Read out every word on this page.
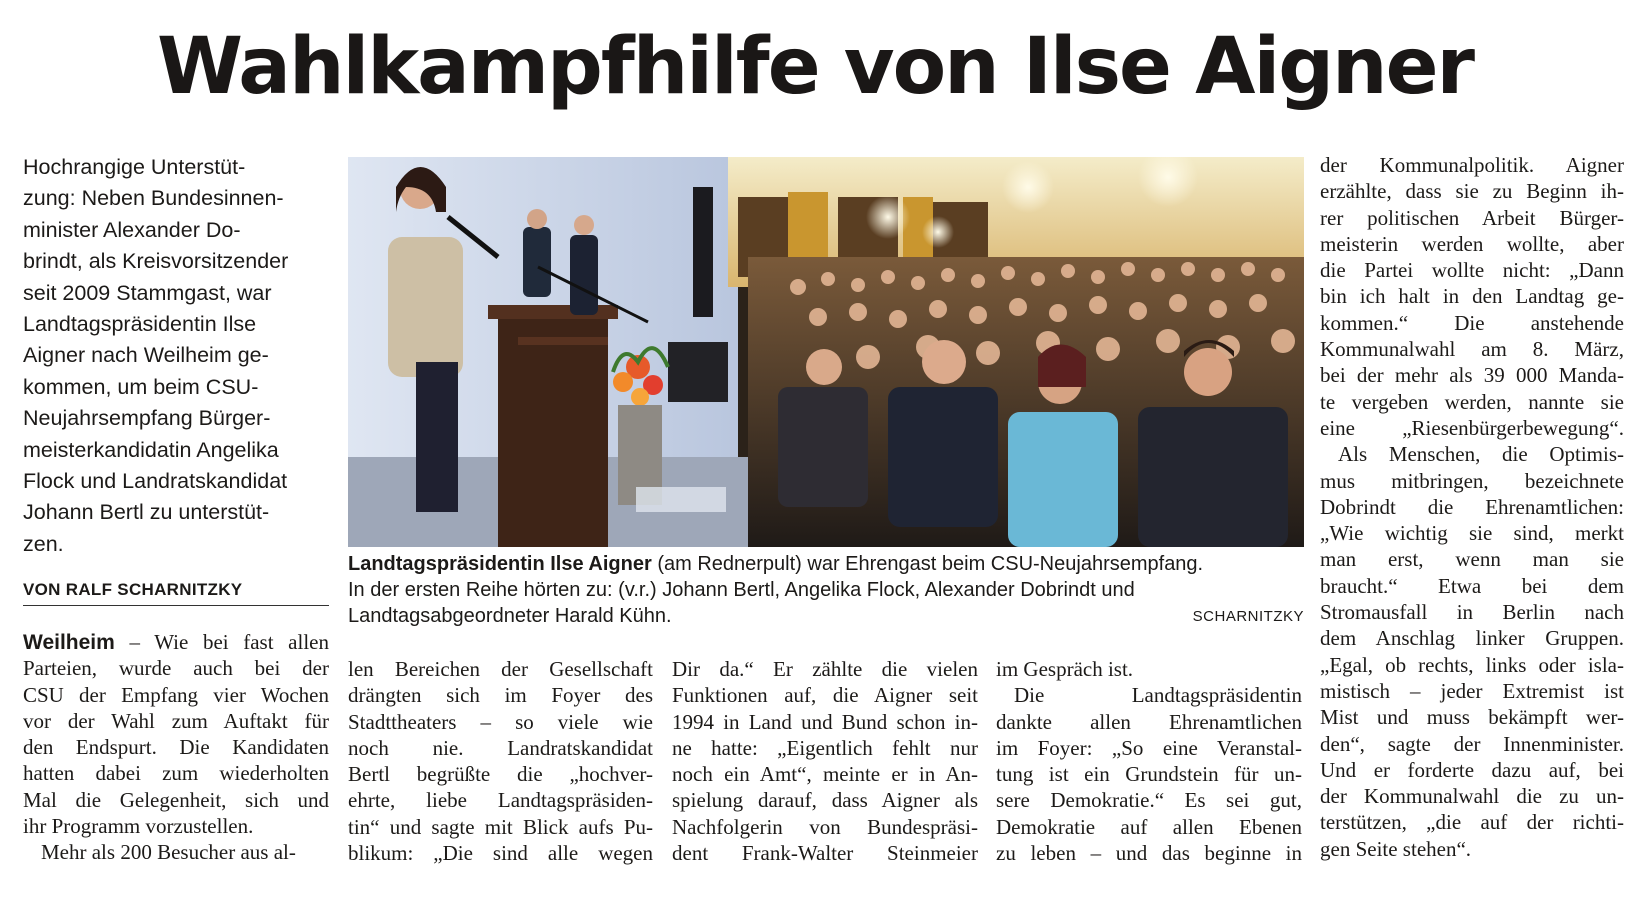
Wahlkampfhilfe von Ilse Aigner
Hochrangige Unterstüt-
zung: Neben Bundesinnen-
minister Alexander Do-
brindt, als Kreisvorsitzender
seit 2009 Stammgast, war
Landtagspräsidentin Ilse
Aigner nach Weilheim ge-
kommen, um beim CSU-
Neujahrsempfang Bürger-
meisterkandidatin Angelika
Flock und Landratskandidat
Johann Bertl zu unterstüt-
zen.
VON RALF SCHARNITZKY
Landtagspräsidentin Ilse Aigner (am Rednerpult) war Ehrengast beim CSU-Neujahrsempfang.
In der ersten Reihe hörten zu: (v.r.) Johann Bertl, Angelika Flock, Alexander Dobrindt und
Landtagsabgeordneter Harald Kühn.	SCHARNITZKY
Weilheim – Wie bei fast allen
Parteien, wurde auch bei der
CSU der Empfang vier Wochen
vor der Wahl zum Auftakt für
den Endspurt. Die Kandidaten
hatten dabei zum wiederholten
Mal die Gelegenheit, sich und
ihr Programm vorzustellen.
Mehr als 200 Besucher aus al-
len Bereichen der Gesellschaft
drängten sich im Foyer des
Stadttheaters – so viele wie
noch nie. Landratskandidat
Bertl begrüßte die „hochver-
ehrte, liebe Landtagspräsiden-
tin“ und sagte mit Blick aufs Pu-
blikum: „Die sind alle wegen
Dir da.“ Er zählte die vielen
Funktionen auf, die Aigner seit
1994 in Land und Bund schon in-
ne hatte: „Eigentlich fehlt nur
noch ein Amt“, meinte er in An-
spielung darauf, dass Aigner als
Nachfolgerin von Bundespräsi-
dent Frank-Walter Steinmeier
im Gespräch ist.
Die Landtagspräsidentin
dankte allen Ehrenamtlichen
im Foyer: „So eine Veranstal-
tung ist ein Grundstein für un-
sere Demokratie.“ Es sei gut,
Demokratie auf allen Ebenen
zu leben – und das beginne in
der Kommunalpolitik. Aigner
erzählte, dass sie zu Beginn ih-
rer politischen Arbeit Bürger-
meisterin werden wollte, aber
die Partei wollte nicht: „Dann
bin ich halt in den Landtag ge-
kommen.“ Die anstehende
Kommunalwahl am 8. März,
bei der mehr als 39 000 Manda-
te vergeben werden, nannte sie
eine „Riesenbürgerbewegung“.
Als Menschen, die Optimis-
mus mitbringen, bezeichnete
Dobrindt die Ehrenamtlichen:
„Wie wichtig sie sind, merkt
man erst, wenn man sie
braucht.“ Etwa bei dem
Stromausfall in Berlin nach
dem Anschlag linker Gruppen.
„Egal, ob rechts, links oder isla-
mistisch – jeder Extremist ist
Mist und muss bekämpft wer-
den“, sagte der Innenminister.
Und er forderte dazu auf, bei
der Kommunalwahl die zu un-
terstützen, „die auf der richti-
gen Seite stehen“.
